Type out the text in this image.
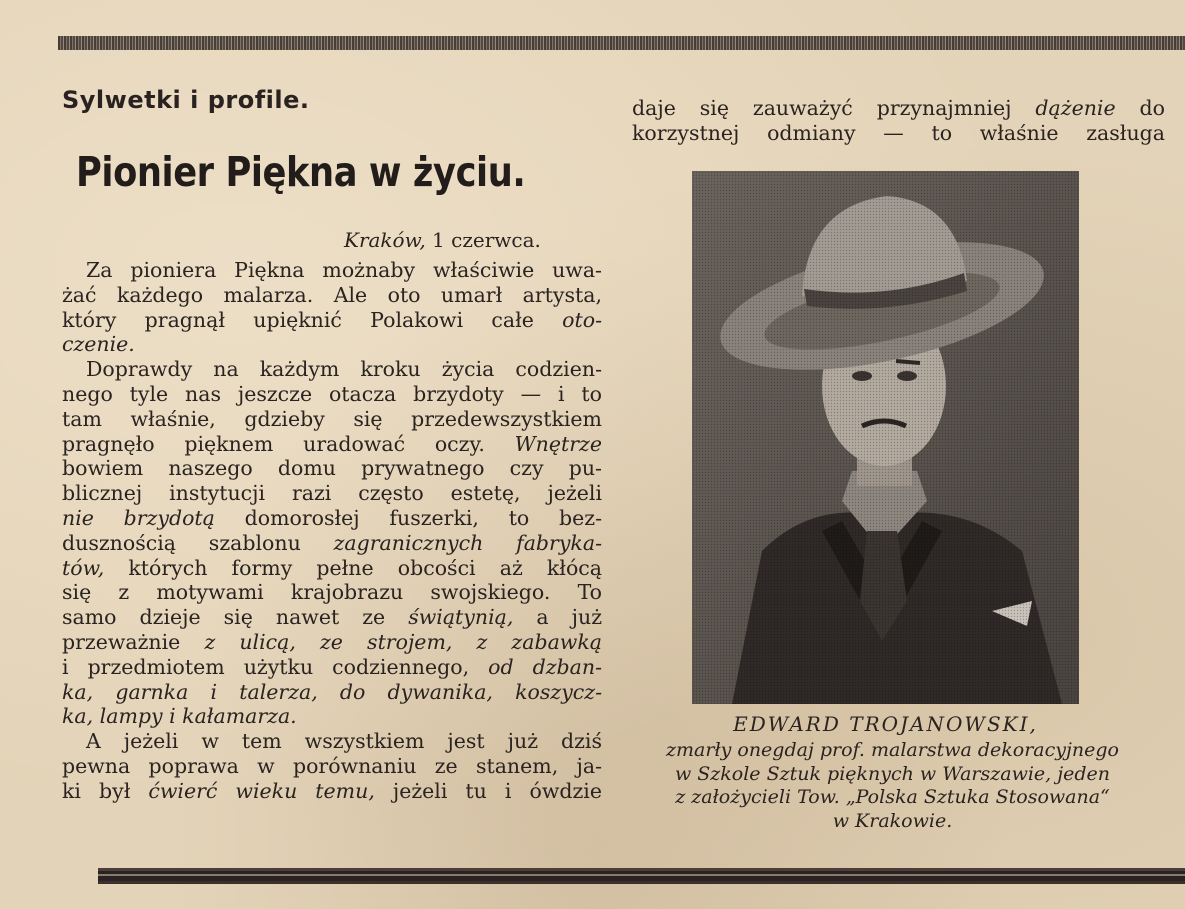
Sylwetki i profile.
Pionier Piękna w życiu.
Kraków, 1 czerwca.
Za pioniera Piękna możnaby właściwie uwa-
żać każdego malarza. Ale oto umarł artysta,
który pragnął upięknić Polakowi całe oto-
czenie.
Doprawdy na każdym kroku życia codzien-
nego tyle nas jeszcze otacza brzydoty — i to
tam właśnie, gdzieby się przedewszystkiem
pragnęło pięknem uradować oczy. Wnętrze
bowiem naszego domu prywatnego czy pu-
blicznej instytucji razi często estetę, jeżeli
nie brzydotą domorosłej fuszerki, to bez-
dusznością szablonu zagranicznych fabryka-
tów, których formy pełne obcości aż kłócą
się z motywami krajobrazu swojskiego. To
samo dzieje się nawet ze świątynią, a już
przeważnie z ulicą, ze strojem, z zabawką
i przedmiotem użytku codziennego, od dzban-
ka, garnka i talerza, do dywanika, koszycz-
ka, lampy i kałamarza.
A jeżeli w tem wszystkiem jest już dziś
pewna poprawa w porównaniu ze stanem, ja-
ki był ćwierć wieku temu, jeżeli tu i ówdzie
daje się zauważyć przynajmniej dążenie do
korzystnej odmiany — to właśnie zasługa
EDWARD TROJANOWSKI,
zmarły onegdaj prof. malarstwa dekoracyjnego
w Szkole Sztuk pięknych w Warszawie, jeden
z założycieli Tow. „Polska Sztuka Stosowana“
w Krakowie.
